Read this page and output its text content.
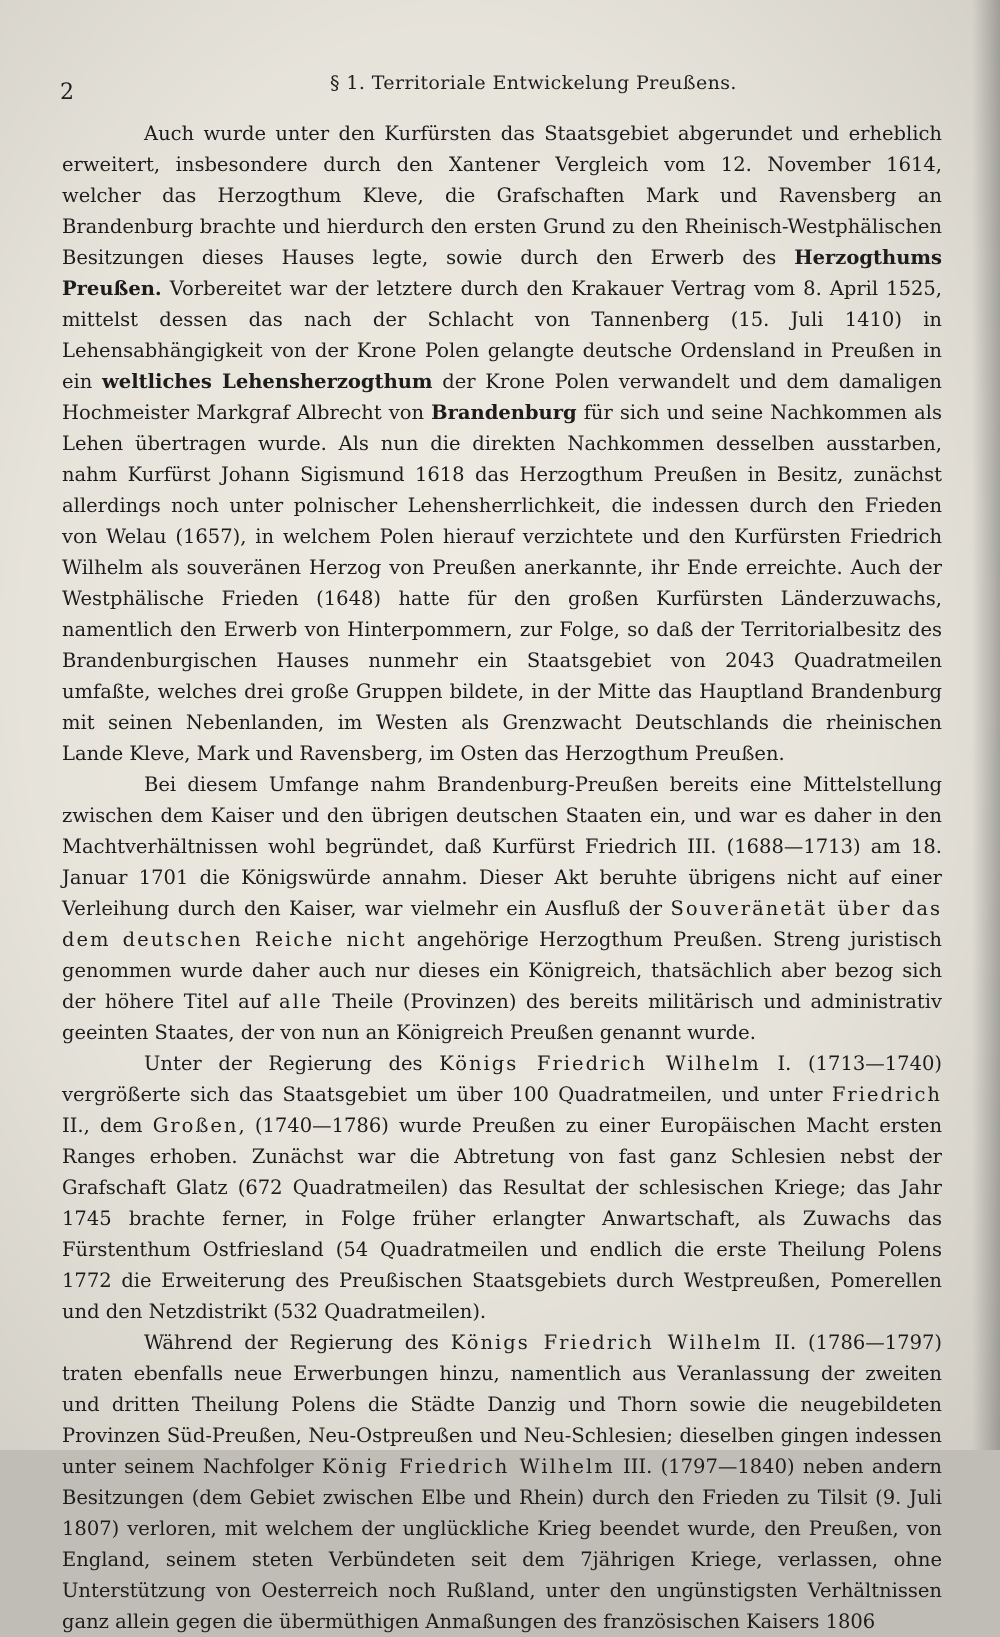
2	§ 1. Territoriale Entwickelung Preußens.

Auch wurde unter den Kurfürsten das Staatsgebiet abgerundet und erheblich erweitert, insbesondere durch den Xantener Vergleich vom 12. November 1614, welcher das Herzogthum Kleve, die Grafschaften Mark und Ravensberg an Brandenburg brachte und hierdurch den ersten Grund zu den Rheinisch-Westphälischen Besitzungen dieses Hauses legte, sowie durch den Erwerb des Herzogthums Preußen. Vorbereitet war der letztere durch den Krakauer Vertrag vom 8. April 1525, mittelst dessen das nach der Schlacht von Tannenberg (15. Juli 1410) in Lehensabhängigkeit von der Krone Polen gelangte deutsche Ordensland in Preußen in ein weltliches Lehensherzogthum der Krone Polen verwandelt und dem damaligen Hochmeister Markgraf Albrecht von Brandenburg für sich und seine Nachkommen als Lehen übertragen wurde. Als nun die direkten Nachkommen desselben ausstarben, nahm Kurfürst Johann Sigismund 1618 das Herzogthum Preußen in Besitz, zunächst allerdings noch unter polnischer Lehensherrlichkeit, die indessen durch den Frieden von Welau (1657), in welchem Polen hierauf verzichtete und den Kurfürsten Friedrich Wilhelm als souveränen Herzog von Preußen anerkannte, ihr Ende erreichte. Auch der Westphälische Frieden (1648) hatte für den großen Kurfürsten Länderzuwachs, namentlich den Erwerb von Hinterpommern, zur Folge, so daß der Territorialbesitz des Brandenburgischen Hauses nunmehr ein Staatsgebiet von 2043 Quadratmeilen umfaßte, welches drei große Gruppen bildete, in der Mitte das Hauptland Brandenburg mit seinen Nebenlanden, im Westen als Grenzwacht Deutschlands die rheinischen Lande Kleve, Mark und Ravensberg, im Osten das Herzogthum Preußen.

Bei diesem Umfange nahm Brandenburg-Preußen bereits eine Mittelstellung zwischen dem Kaiser und den übrigen deutschen Staaten ein, und war es daher in den Machtverhältnissen wohl begründet, daß Kurfürst Friedrich III. (1688—1713) am 18. Januar 1701 die Königswürde annahm. Dieser Akt beruhte übrigens nicht auf einer Verleihung durch den Kaiser, war vielmehr ein Ausfluß der Souveränetät über das dem deutschen Reiche nicht angehörige Herzogthum Preußen. Streng juristisch genommen wurde daher auch nur dieses ein Königreich, thatsächlich aber bezog sich der höhere Titel auf alle Theile (Provinzen) des bereits militärisch und administrativ geeinten Staates, der von nun an Königreich Preußen genannt wurde.

Unter der Regierung des Königs Friedrich Wilhelm I. (1713—1740) vergrößerte sich das Staatsgebiet um über 100 Quadratmeilen, und unter Friedrich II., dem Großen, (1740—1786) wurde Preußen zu einer Europäischen Macht ersten Ranges erhoben. Zunächst war die Abtretung von fast ganz Schlesien nebst der Grafschaft Glatz (672 Quadratmeilen) das Resultat der schlesischen Kriege; das Jahr 1745 brachte ferner, in Folge früher erlangter Anwartschaft, als Zuwachs das Fürstenthum Ostfriesland (54 Quadratmeilen und endlich die erste Theilung Polens 1772 die Erweiterung des Preußischen Staatsgebiets durch Westpreußen, Pomerellen und den Netzdistrikt (532 Quadratmeilen).

Während der Regierung des Königs Friedrich Wilhelm II. (1786—1797) traten ebenfalls neue Erwerbungen hinzu, namentlich aus Veranlassung der zweiten und dritten Theilung Polens die Städte Danzig und Thorn sowie die neugebildeten Provinzen Süd-Preußen, Neu-Ostpreußen und Neu-Schlesien; dieselben gingen indessen unter seinem Nachfolger König Friedrich Wilhelm III. (1797—1840) neben andern Besitzungen (dem Gebiet zwischen Elbe und Rhein) durch den Frieden zu Tilsit (9. Juli 1807) verloren, mit welchem der unglückliche Krieg beendet wurde, den Preußen, von England, seinem steten Verbündeten seit dem 7jährigen Kriege, verlassen, ohne Unterstützung von Oesterreich noch Rußland, unter den ungünstigsten Verhältnissen ganz allein gegen die übermüthigen Anmaßungen des französischen Kaisers 1806
